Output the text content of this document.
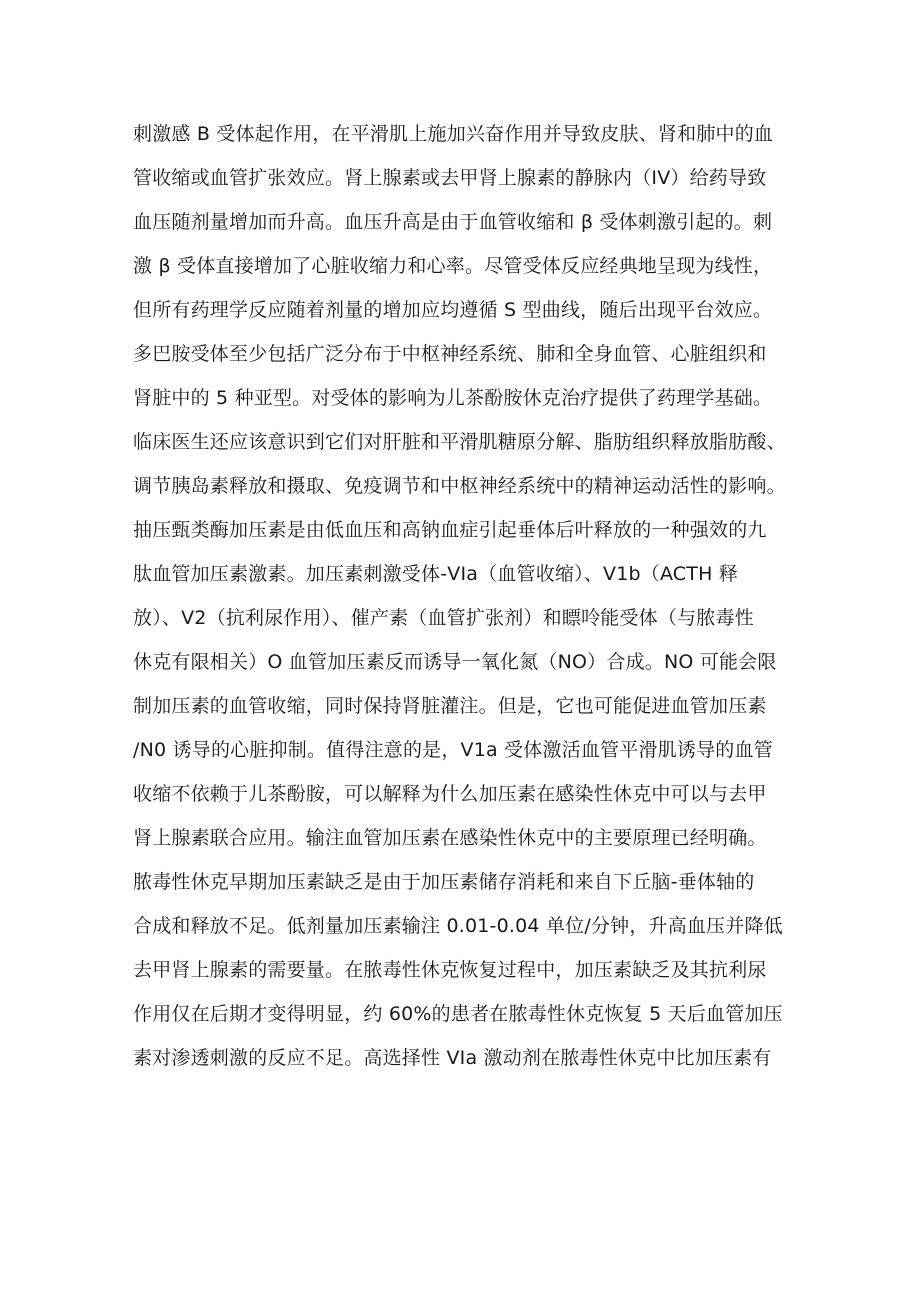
刺激感 B 受体起作用，在平滑肌上施加兴奋作用并导致皮肤、肾和肺中的血
管收缩或血管扩张效应。肾上腺素或去甲肾上腺素的静脉内（IV）给药导致
血压随剂量增加而升高。血压升高是由于血管收缩和 β 受体刺激引起的。刺
激 β 受体直接增加了心脏收缩力和心率。尽管受体反应经典地呈现为线性，
但所有药理学反应随着剂量的增加应均遵循 S 型曲线，随后出现平台效应。
多巴胺受体至少包括广泛分布于中枢神经系统、肺和全身血管、心脏组织和
肾脏中的 5 种亚型。对受体的影响为儿茶酚胺休克治疗提供了药理学基础。
临床医生还应该意识到它们对肝脏和平滑肌糖原分解、脂肪组织释放脂肪酸、
调节胰岛素释放和摄取、免疫调节和中枢神经系统中的精神运动活性的影响。
抽压甄类酶加压素是由低血压和高钠血症引起垂体后叶释放的一种强效的九
肽血管加压素激素。加压素刺激受体-VIa（血管收缩）、V1b（ACTH 释
放）、V2（抗利尿作用）、催产素（血管扩张剂）和瞟呤能受体（与脓毒性
休克有限相关）O 血管加压素反而诱导一氧化氮（NO）合成。NO 可能会限
制加压素的血管收缩，同时保持肾脏灌注。但是，它也可能促进血管加压素
/N0 诱导的心脏抑制。值得注意的是，V1a 受体激活血管平滑肌诱导的血管
收缩不依赖于儿茶酚胺，可以解释为什么加压素在感染性休克中可以与去甲
肾上腺素联合应用。输注血管加压素在感染性休克中的主要原理已经明确。
脓毒性休克早期加压素缺乏是由于加压素储存消耗和来自下丘脑-垂体轴的
合成和释放不足。低剂量加压素输注 0.01-0.04 单位/分钟，升高血压并降低
去甲肾上腺素的需要量。在脓毒性休克恢复过程中，加压素缺乏及其抗利尿
作用仅在后期才变得明显，约 60%的患者在脓毒性休克恢复 5 天后血管加压
素对渗透刺激的反应不足。高选择性 VIa 激动剂在脓毒性休克中比加压素有
